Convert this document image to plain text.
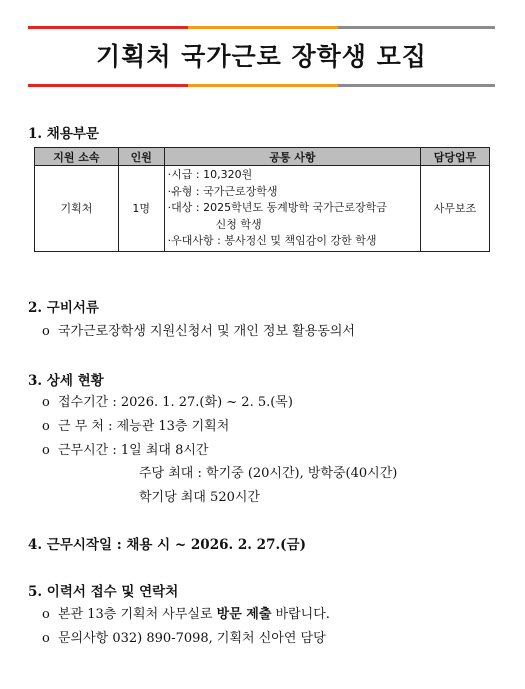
기획처 국가근로 장학생 모집
1. 채용부문
지원 소속	인원	공통 사항	담당업무
기획처	1명	·시급 : 10,320원
·유형 : 국가근로장학생
·대상 : 2025학년도 동계방학 국가근로장학금
신청 학생
·우대사항 : 봉사정신 및 책임감이 강한 학생	사무보조
2. 구비서류
o 국가근로장학생 지원신청서 및 개인 정보 활용동의서
3. 상세 현황
o 접수기간 : 2026. 1. 27.(화) ~ 2. 5.(목)
o 근 무 처 : 제능관 13층 기획처
o 근무시간 : 1일 최대 8시간
주당 최대 : 학기중 (20시간), 방학중(40시간)
학기당 최대 520시간
4. 근무시작일 : 채용 시 ~ 2026. 2. 27.(금)
5. 이력서 접수 및 연락처
o 본관 13층 기획처 사무실로 방문 제출 바랍니다.
o 문의사항 032) 890-7098, 기획처 신아연 담당
